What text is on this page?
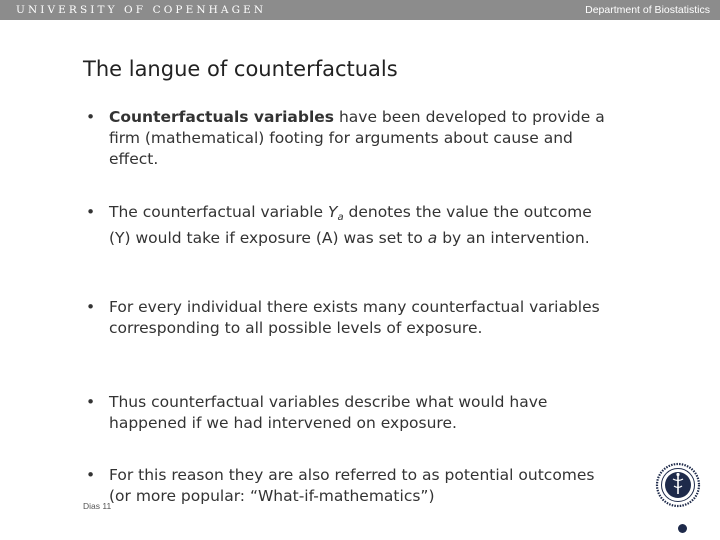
UNIVERSITY OF COPENHAGEN	Department of Biostatistics
The langue of counterfactuals
• Counterfactuals variables have been developed to provide a firm (mathematical) footing for arguments about cause and effect.
• The counterfactual variable $Y_a$ denotes the value the outcome (Y) would take if exposure (A) was set to a by an intervention.
• For every individual there exists many counterfactual variables corresponding to all possible levels of exposure.
• Thus counterfactual variables describe what would have happened if we had intervened on exposure.
• For this reason they are also referred to as potential outcomes (or more popular: “What-if-mathematics”)
Dias 11
